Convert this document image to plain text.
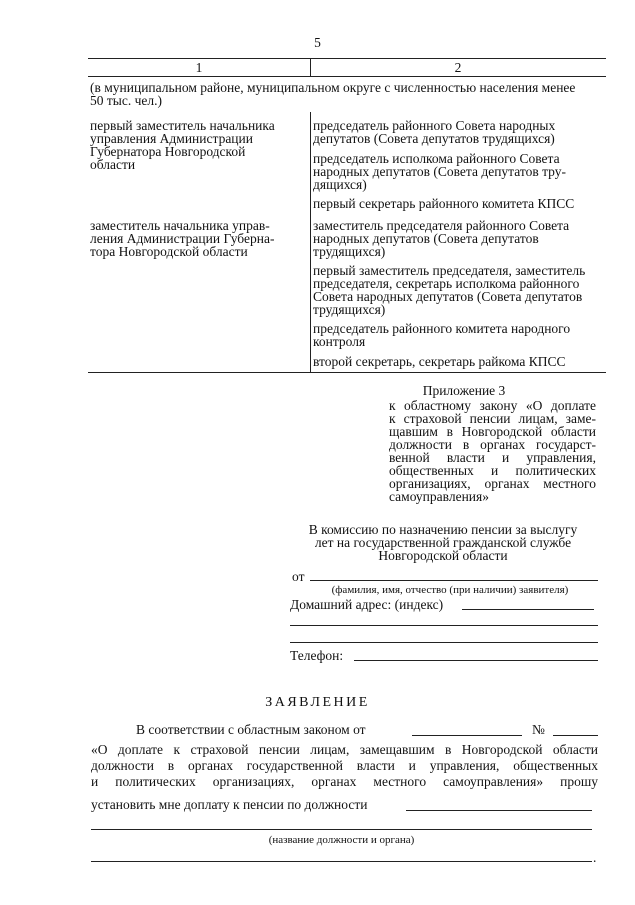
5
1	2
(в муниципальном районе, муниципальном округе с численностью населения менее 50 тыс. чел.)
первый заместитель начальника
управления Администрации
Губернатора Новгородской
области
председатель районного Совета народных
депутатов (Совета депутатов трудящихся)
председатель исполкома районного Совета
народных депутатов (Совета депутатов тру-
дящихся)
первый секретарь районного комитета КПСС
заместитель начальника управ-
ления Администрации Губерна-
тора Новгородской области
заместитель председателя районного Совета
народных депутатов (Совета депутатов
трудящихся)
первый заместитель председателя, заместитель
председателя, секретарь исполкома районного
Совета народных депутатов (Совета депутатов
трудящихся)
председатель районного комитета народного
контроля
второй секретарь, секретарь райкома КПСС
Приложение 3
к областному закону «О доплате
к страховой пенсии лицам, заме-
щавшим в Новгородской области
должности в органах государст-
венной власти и управления,
общественных и политических
организациях, органах местного
самоуправления»
В комиссию по назначению пенсии за выслугу
лет на государственной гражданской службе
Новгородской области
от
(фамилия, имя, отчество (при наличии) заявителя)
Домашний адрес: (индекс)
Телефон:
ЗАЯВЛЕНИЕ
В соответствии с областным законом от	№
«О доплате к страховой пенсии лицам, замещавшим в Новгородской области
должности в органах государственной власти и управления, общественных
и политических организациях, органах местного самоуправления» прошу
установить мне доплату к пенсии по должности
(название должности и органа)
.
